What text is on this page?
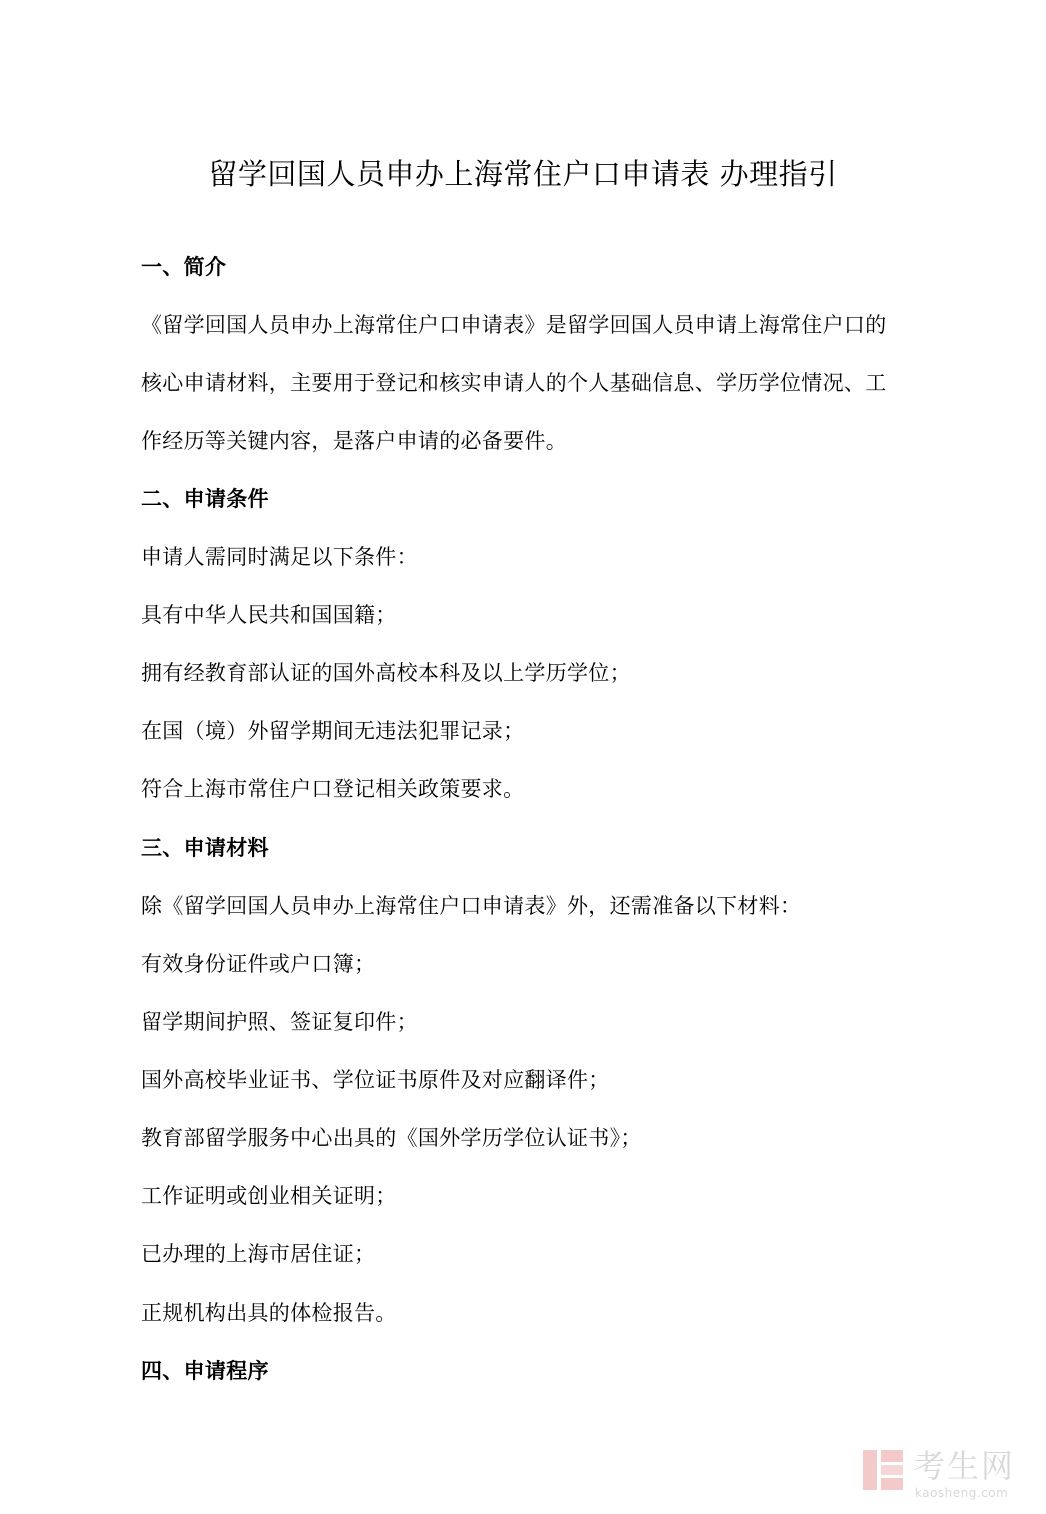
留学回国人员申办上海常住户口申请表 办理指引

一、简介

《留学回国人员申办上海常住户口申请表》是留学回国人员申请上海常住户口的

核心申请材料，主要用于登记和核实申请人的个人基础信息、学历学位情况、工

作经历等关键内容，是落户申请的必备要件。

二、申请条件

申请人需同时满足以下条件：

具有中华人民共和国国籍；

拥有经教育部认证的国外高校本科及以上学历学位；

在国（境）外留学期间无违法犯罪记录；

符合上海市常住户口登记相关政策要求。

三、申请材料

除《留学回国人员申办上海常住户口申请表》外，还需准备以下材料：

有效身份证件或户口簿；

留学期间护照、签证复印件；

国外高校毕业证书、学位证书原件及对应翻译件；

教育部留学服务中心出具的《国外学历学位认证书》；

工作证明或创业相关证明；

已办理的上海市居住证；

正规机构出具的体检报告。

四、申请程序

考生网
kaosheng.com
